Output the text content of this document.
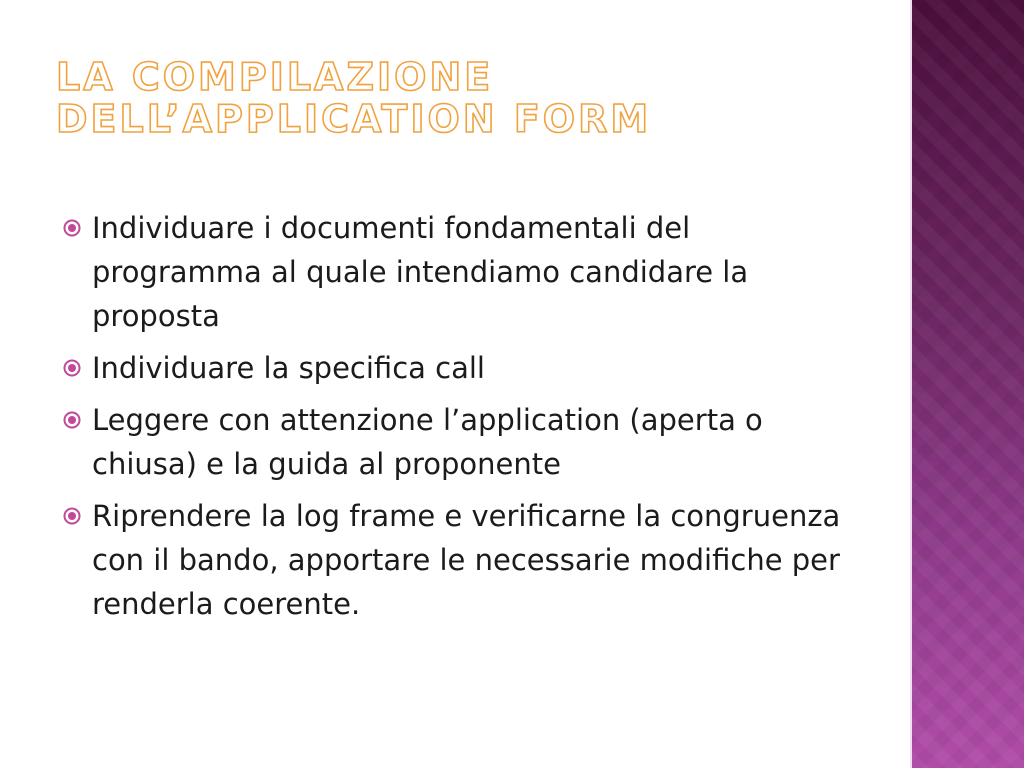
LA COMPILAZIONE
DELL’APPLICATION FORM
Individuare i documenti fondamentali del programma al quale intendiamo candidare la proposta
Individuare la specifica call
Leggere con attenzione l’application (aperta o chiusa) e la guida al proponente
Riprendere la log frame e verificarne la congruenza con il bando, apportare le necessarie modifiche per renderla coerente.
